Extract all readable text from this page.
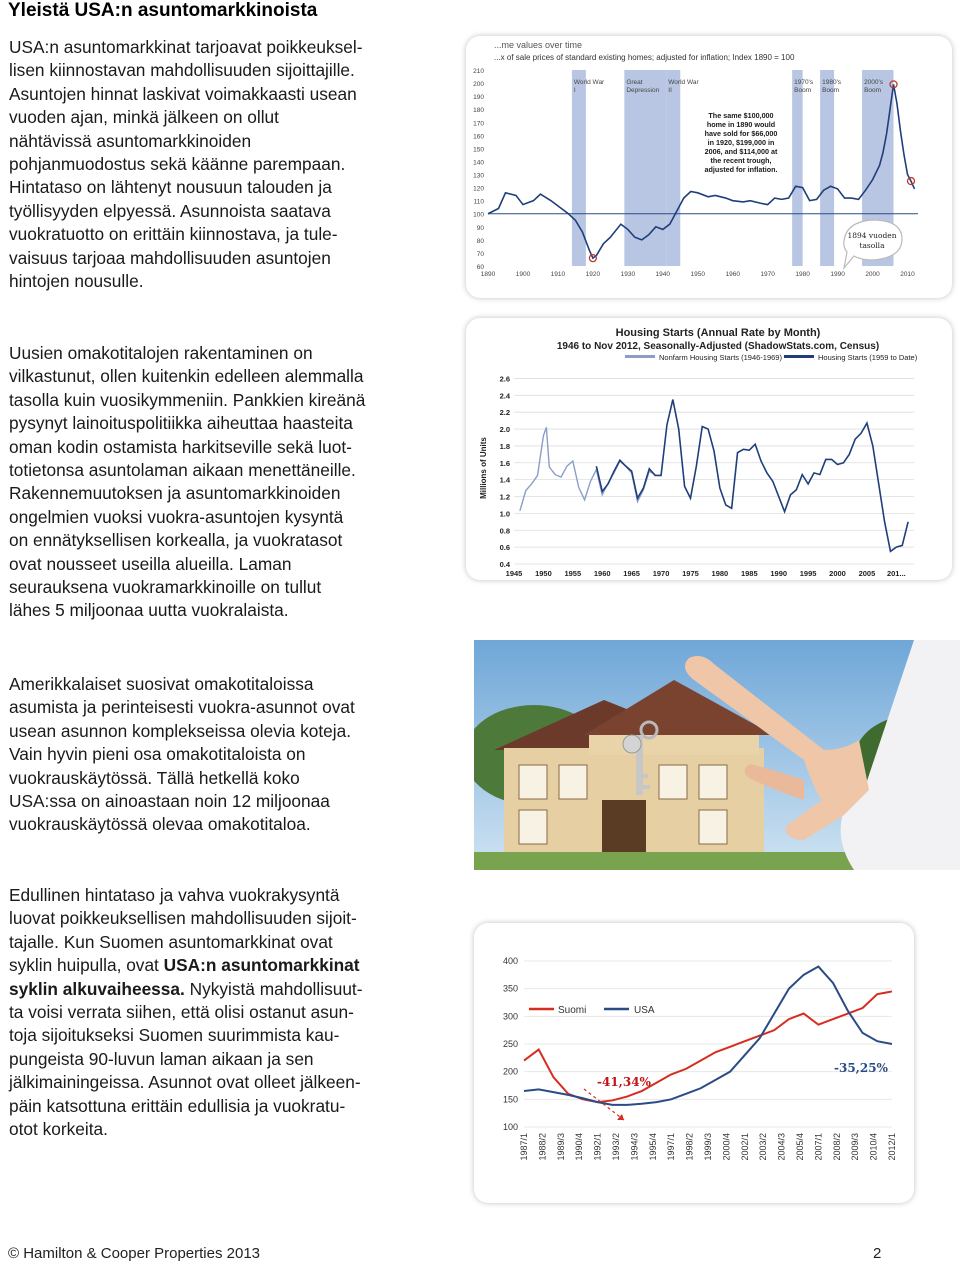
Yleistä USA:n asuntomarkkinoista

USA:n asuntomarkkinat tarjoavat poikkeuksel-
lisen kiinnostavan mahdollisuuden sijoittajille.
Asuntojen hinnat laskivat voimakkaasti usean
vuoden ajan, minkä jälkeen on ollut
nähtävissä asuntomarkkinoiden
pohjanmuodostus sekä käänne parempaan.
Hintataso on lähtenyt nousuun talouden ja
työllisyyden elpyessä. Asunnoista saatava
vuokratuotto on erittäin kiinnostava, ja tule-
vaisuus tarjoaa mahdollisuuden asuntojen
hintojen nousulle.

Uusien omakotitalojen rakentaminen on
vilkastunut, ollen kuitenkin edelleen alemmalla
tasolla kuin vuosikymmeniin. Pankkien kireänä
pysynyt lainoituspolitiikka aiheuttaa haasteita
oman kodin ostamista harkitseville sekä luot-
totietonsa asuntolaman aikaan menettäneille.
Rakennemuutoksen ja asuntomarkkinoiden
ongelmien vuoksi vuokra-asuntojen kysyntä
on ennätyksellisen korkealla, ja vuokratasot
ovat nousseet useilla alueilla. Laman
seurauksena vuokramarkkinoille on tullut
lähes 5 miljoonaa uutta vuokralaista.

Amerikkalaiset suosivat omakotitaloissa
asumista ja perinteisesti vuokra-asunnot ovat
usean asunnon komplekseissa olevia koteja.
Vain hyvin pieni osa omakotitaloista on
vuokrauskäytössä. Tällä hetkellä koko
USA:ssa on ainoastaan noin 12 miljoonaa
vuokrauskäytössä olevaa omakotitaloa.

Edullinen hintataso ja vahva vuokrakysyntä
luovat poikkeuksellisen mahdollisuuden sijoit-
tajalle. Kun Suomen asuntomarkkinat ovat
syklin huipulla, ovat USA:n asuntomarkkinat
syklin alkuvaiheessa. Nykyistä mahdollisuut-
ta voisi verrata siihen, että olisi ostanut asun-
toja sijoitukseksi Suomen suurimmista kau-
pungeista 90-luvun laman aikaan ja sen
jälkimainingeissa. Asunnot ovat olleet jälkeen-
päin katsottuna erittäin edullisia ja vuokratu-
otot korkeita.

...me values over time
...x of sale prices of standard existing homes; adjusted for inflation; Index 1890 = 100
World War
I
Great
Depression
World War
II
1970's
Boom
1980's
Boom
2000's
Boom
60
70
80
90
100
110
120
130
140
150
160
170
180
190
200
210
1890	1900	1910	1920	1930	1940	1950	1960	1970	1980	1990	2000	2010
The same $100,000 home in 1890 would have sold for $66,000 in 1920, $199,000 in 2006, and $114,000 at the recent trough, adjusted for inflation.
1894 vuoden
tasolla
Housing Starts (Annual Rate by Month)
1946 to Nov 2012, Seasonally-Adjusted (ShadowStats.com, Census)
Nonfarm Housing Starts (1946-1969)	Housing Starts (1959 to Date)
Millions of Units
0.4
0.6
0.8
1.0
1.2
1.4
1.6
1.8
2.0
2.2
2.4
2.6
1945 1950 1955 1960 1965 1970 1975 1980 1985 1990 1995 2000 2005 201...
100
150
200
250
300
350
400
1987/1 1988/2 1989/3 1990/4 1992/1 1993/2 1994/3 1995/4 1997/1 1998/2 1999/3 2000/4 2002/1 2003/2 2004/3 2005/4 2007/1 2008/2 2009/3 2010/4 2012/1
Suomi	USA
-41,34%
-35,25%
© Hamilton & Cooper Properties 2013	2
